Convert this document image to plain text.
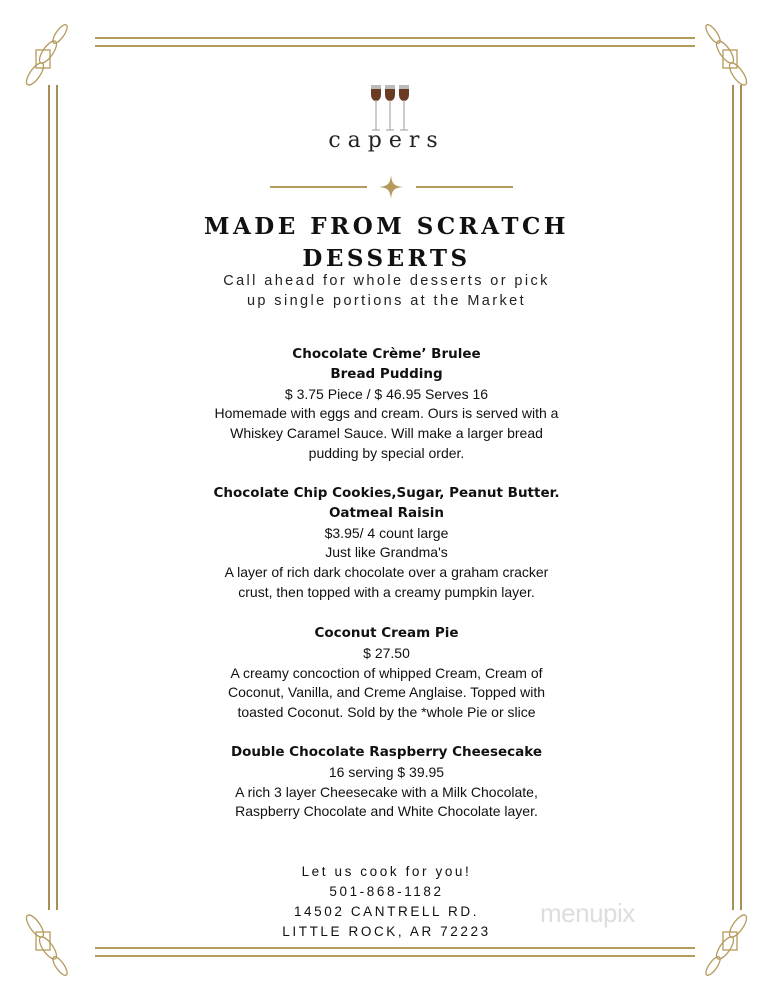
capers
MADE FROM SCRATCH
DESSERTS
Call ahead for whole desserts or pick
up single portions at the Market
Chocolate Crème’ Brulee
Bread Pudding
$ 3.75 Piece / $ 46.95 Serves 16
Homemade with eggs and cream. Ours is served with a
Whiskey Caramel Sauce. Will make a larger bread
pudding by special order.
Chocolate Chip Cookies,Sugar, Peanut Butter.
Oatmeal Raisin
$3.95/ 4 count large
Just like Grandma's
A layer of rich dark chocolate over a graham cracker
crust, then topped with a creamy pumpkin layer.
Coconut Cream Pie
$ 27.50
A creamy concoction of whipped Cream, Cream of
Coconut, Vanilla, and Creme Anglaise. Topped with
toasted Coconut. Sold by the *whole Pie or slice
Double Chocolate Raspberry Cheesecake
16 serving $ 39.95
A rich 3 layer Cheesecake with a Milk Chocolate,
Raspberry Chocolate and White Chocolate layer.
Let us cook for you!
501-868-1182
14502 CANTRELL RD.
LITTLE ROCK, AR 72223
menupix
